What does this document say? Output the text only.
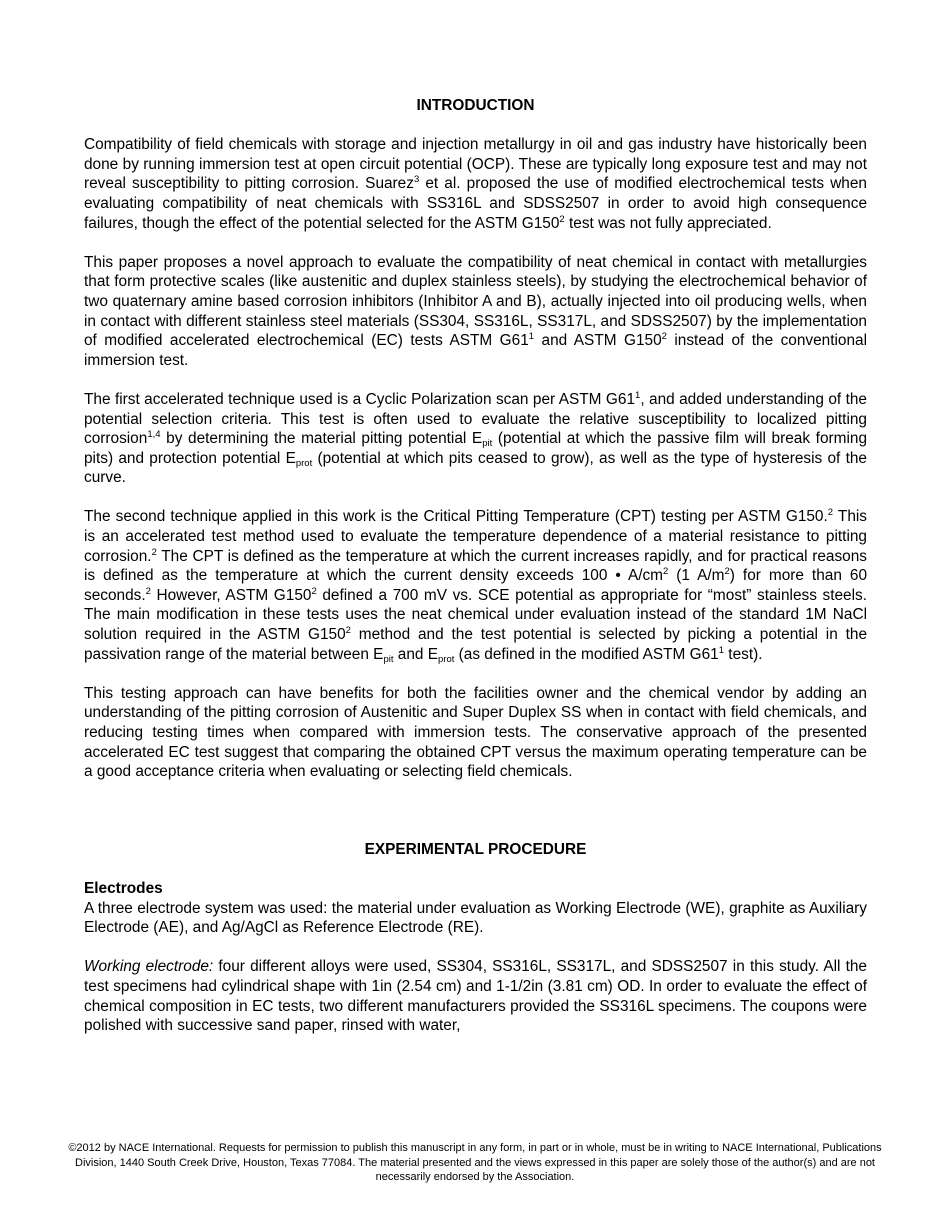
INTRODUCTION

Compatibility of field chemicals with storage and injection metallurgy in oil and gas industry have historically been done by running immersion test at open circuit potential (OCP). These are typically long exposure test and may not reveal susceptibility to pitting corrosion. Suarez$^3$ et al. proposed the use of modified electrochemical tests when evaluating compatibility of neat chemicals with SS316L and SDSS2507 in order to avoid high consequence failures, though the effect of the potential selected for the ASTM $G150^2$ test was not fully appreciated.

This paper proposes a novel approach to evaluate the compatibility of neat chemical in contact with metallurgies that form protective scales (like austenitic and duplex stainless steels), by studying the electrochemical behavior of two quaternary amine based corrosion inhibitors (Inhibitor A and B), actually injected into oil producing wells, when in contact with different stainless steel materials (SS304, SS316L, SS317L, and SDSS2507) by the implementation of modified accelerated electrochemical (EC) tests ASTM $G61^1$ and ASTM $G150^2$ instead of the conventional immersion test.

The first accelerated technique used is a Cyclic Polarization scan per ASTM $G61^1$, and added understanding of the potential selection criteria. This test is often used to evaluate the relative susceptibility to localized pitting corrosion$^{1,4}$ by determining the material pitting potential $E_{pit}$ (potential at which the passive film will break forming pits) and protection potential $E_{prot}$ (potential at which pits ceased to grow), as well as the type of hysteresis of the curve.

The second technique applied in this work is the Critical Pitting Temperature (CPT) testing per ASTM G150.$^2$ This is an accelerated test method used to evaluate the temperature dependence of a material resistance to pitting corrosion.$^2$ The CPT is defined as the temperature at which the current increases rapidly, and for practical reasons is defined as the temperature at which the current density exceeds 100 • $A/cm^2$ (1 $A/m^2$) for more than 60 seconds.$^2$ However, ASTM $G150^2$ defined a 700 mV vs. SCE potential as appropriate for “most” stainless steels. The main modification in these tests uses the neat chemical under evaluation instead of the standard 1M NaCl solution required in the ASTM $G150^2$ method and the test potential is selected by picking a potential in the passivation range of the material between $E_{pit}$ and $E_{prot}$ (as defined in the modified ASTM $G61^1$ test).

This testing approach can have benefits for both the facilities owner and the chemical vendor by adding an understanding of the pitting corrosion of Austenitic and Super Duplex SS when in contact with field chemicals, and reducing testing times when compared with immersion tests. The conservative approach of the presented accelerated EC test suggest that comparing the obtained CPT versus the maximum operating temperature can be a good acceptance criteria when evaluating or selecting field chemicals.

EXPERIMENTAL PROCEDURE

Electrodes

A three electrode system was used: the material under evaluation as Working Electrode (WE), graphite as Auxiliary Electrode (AE), and Ag/AgCl as Reference Electrode (RE).

Working electrode: four different alloys were used, SS304, SS316L, SS317L, and SDSS2507 in this study. All the test specimens had cylindrical shape with 1in (2.54 cm) and 1-1/2in (3.81 cm) OD. In order to evaluate the effect of chemical composition in EC tests, two different manufacturers provided the SS316L specimens. The coupons were polished with successive sand paper, rinsed with water,

©2012 by NACE International. Requests for permission to publish this manuscript in any form, in part or in whole, must be in writing to NACE International, Publications Division, 1440 South Creek Drive, Houston, Texas 77084. The material presented and the views expressed in this paper are solely those of the author(s) and are not necessarily endorsed by the Association.
